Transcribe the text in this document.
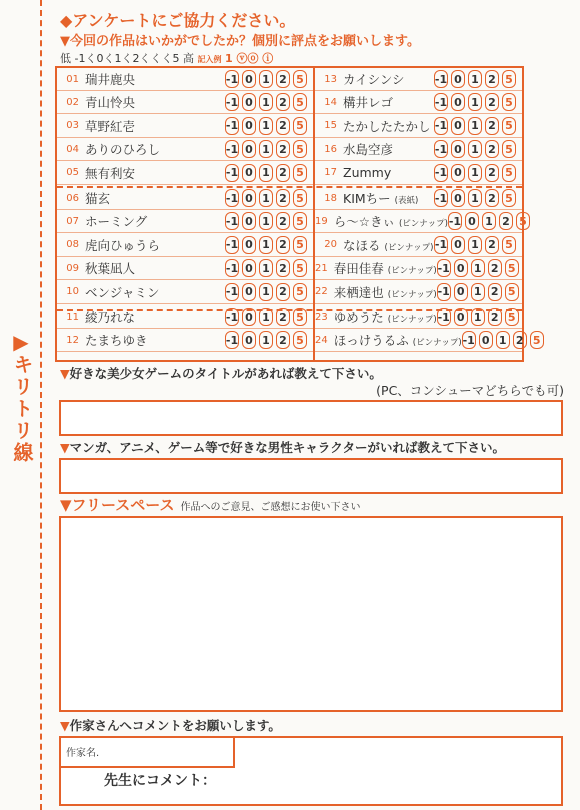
▶
キリトリ線
◆アンケートにご協力ください。
▼今回の作品はいかがでしたか？個別に評点をお願いします。
低 -1く0く1く2くくく5 高 記入例 1 ⓥⓞ ⓘ
01 瑞井鹿央	-1 0 1 2 5
02 青山怜央	-1 0 1 2 5
03 草野紅壱	-1 0 1 2 5
04 ありのひろし	-1 0 1 2 5
05 無有利安	-1 0 1 2 5
06 猫玄	-1 0 1 2 5
07 ホーミング	-1 0 1 2 5
08 虎向ひゅうら	-1 0 1 2 5
09 秋葉凪人	-1 0 1 2 5
10 ベンジャミン	-1 0 1 2 5
11 綾乃れな	-1 0 1 2 5
12 たまちゆき	-1 0 1 2 5
13 カイシンシ	-1 0 1 2 5
14 構井レゴ	-1 0 1 2 5
15 たかしたたかし -1 0 1 2 5
16 水島空彦	-1 0 1 2 5
17 Zummy	-1 0 1 2 5
18 KIMちー (表紙)	-1 0 1 2 5
19 ら～☆きぃ (ピンナップ) -1 0 1 2 5
20 なほる (ピンナップ) -1 0 1 2 5
21 春田佳春 (ピンナップ) -1 0 1 2 5
22 来栖達也 (ピンナップ) -1 0 1 2 5
23 ゆめうた (ピンナップ) -1 0 1 2 5
24 ほっけうるふ (ピンナップ) -1 0 1 2 5
▼好きな美少女ゲームのタイトルがあれば教えて下さい。
(PC、コンシューマどちらでも可)
▼マンガ、アニメ、ゲーム等で好きな男性キャラクターがいれば教えて下さい。
▼フリースペース 作品へのご意見、ご感想にお使い下さい
▼作家さんへコメントをお願いします。
作家名.
先生にコメント：
